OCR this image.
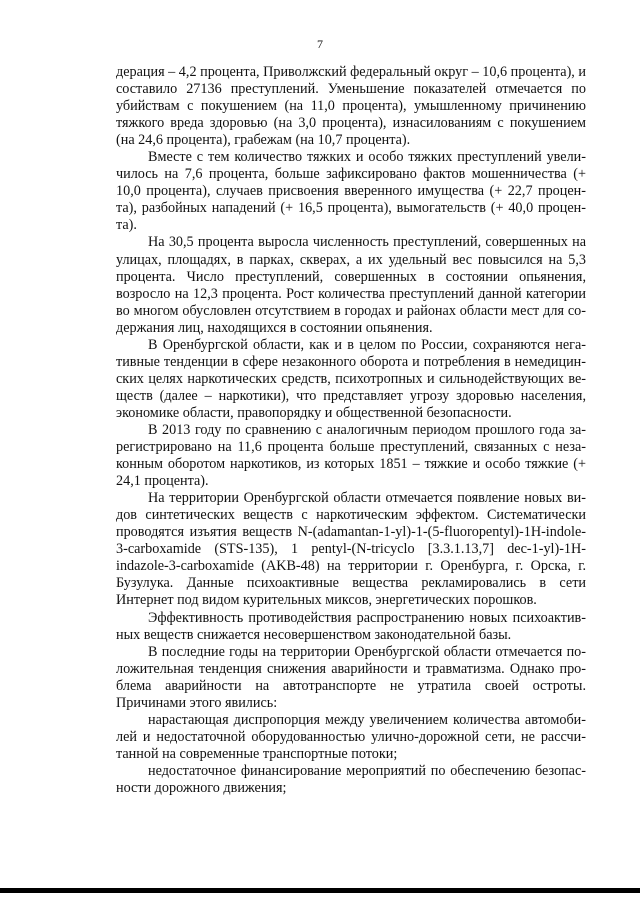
7

дерация – 4,2 процента, Приволжский федеральный округ – 10,6 процента), и составило 27136 преступлений. Уменьшение показателей отмечается по убийствам с покушением (на 11,0 процента), умышленному причинению тяжкого вреда здоровью (на 3,0 процента), изнасилованиям с покушением (на 24,6 процента), грабежам (на 10,7 процента).

Вместе с тем количество тяжких и особо тяжких преступлений увеличилось на 7,6 процента, больше зафиксировано фактов мошенничества (+ 10,0 процента), случаев присвоения вверенного имущества (+ 22,7 процента), разбойных нападений (+ 16,5 процента), вымогательств (+ 40,0 процента).

На 30,5 процента выросла численность преступлений, совершенных на улицах, площадях, в парках, скверах, а их удельный вес повысился на 5,3 процента. Число преступлений, совершенных в состоянии опьянения, возросло на 12,3 процента. Рост количества преступлений данной категории во многом обусловлен отсутствием в городах и районах области мест для содержания лиц, находящихся в состоянии опьянения.

В Оренбургской области, как и в целом по России, сохраняются негативные тенденции в сфере незаконного оборота и потребления в немедицинских целях наркотических средств, психотропных и сильнодействующих веществ (далее – наркотики), что представляет угрозу здоровью населения, экономике области, правопорядку и общественной безопасности.

В 2013 году по сравнению с аналогичным периодом прошлого года зарегистрировано на 11,6 процента больше преступлений, связанных с незаконным оборотом наркотиков, из которых 1851 – тяжкие и особо тяжкие (+ 24,1 процента).

На территории Оренбургской области отмечается появление новых видов синтетических веществ с наркотическим эффектом. Систематически проводятся изъятия веществ N-(adamantan-1-yl)-1-(5-fluoropentyl)-1H-indole-3-carboxamide (STS-135), 1 pentyl-(N-tricyclo [3.3.1.13,7] dec-1-yl)-1H-indazole-3-carboxamide (AKB-48) на территории г. Оренбурга, г. Орска, г. Бузулука. Данные психоактивные вещества рекламировались в сети Интернет под видом курительных миксов, энергетических порошков.

Эффективность противодействия распространению новых психоактивных веществ снижается несовершенством законодательной базы.

В последние годы на территории Оренбургской области отмечается положительная тенденция снижения аварийности и травматизма. Однако проблема аварийности на автотранспорте не утратила своей остроты. Причинами этого явились:

нарастающая диспропорция между увеличением количества автомобилей и недостаточной оборудованностью улично-дорожной сети, не рассчитанной на современные транспортные потоки;

недостаточное финансирование мероприятий по обеспечению безопасности дорожного движения;
